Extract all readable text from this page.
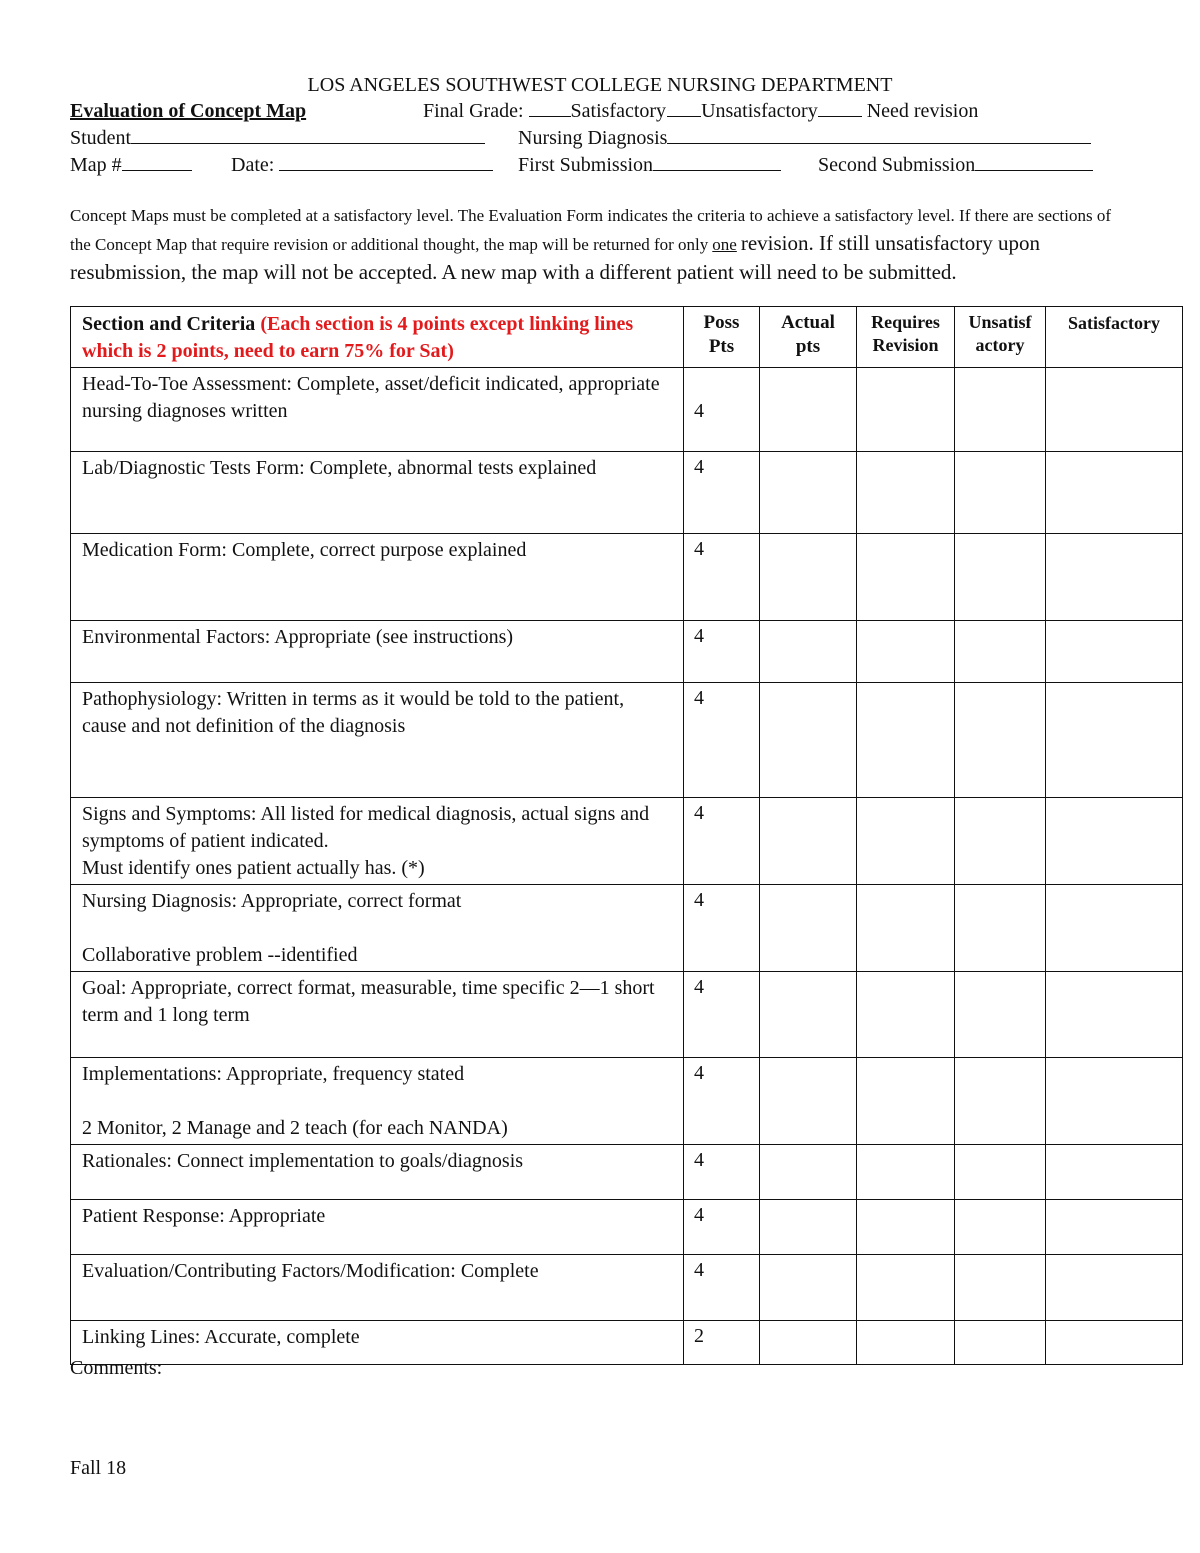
LOS ANGELES SOUTHWEST COLLEGE NURSING DEPARTMENT
Evaluation of Concept Map	Final Grade: Satisfactory Unsatisfactory Need revision
Student	Nursing Diagnosis
Map #	Date:	First Submission	Second Submission
Concept Maps must be completed at a satisfactory level. The Evaluation Form indicates the criteria to achieve a satisfactory level. If there are sections of the Concept Map that require revision or additional thought, the map will be returned for only one revision. If still unsatisfactory upon resubmission, the map will not be accepted. A new map with a different patient will need to be submitted.
Section and Criteria (Each section is 4 points except linking lines which is 2 points, need to earn 75% for Sat)	Poss Pts	Actual pts	Requires Revision	Unsatisf actory	Satisfactory
Head-To-Toe Assessment: Complete, asset/deficit indicated, appropriate nursing diagnoses written	4				
Lab/Diagnostic Tests Form: Complete, abnormal tests explained	4				
Medication Form: Complete, correct purpose explained	4				
Environmental Factors: Appropriate (see instructions)	4				
Pathophysiology: Written in terms as it would be told to the patient, cause and not definition of the diagnosis	4				
Signs and Symptoms: All listed for medical diagnosis, actual signs and symptoms of patient indicated.
Must identify ones patient actually has. (*)	4				
Nursing Diagnosis: Appropriate, correct format
Collaborative problem --identified	4				
Goal: Appropriate, correct format, measurable, time specific 2—1 short term and 1 long term	4				
Implementations: Appropriate, frequency stated
2 Monitor, 2 Manage and 2 teach (for each NANDA)	4				
Rationales: Connect implementation to goals/diagnosis	4				
Patient Response: Appropriate	4				
Evaluation/Contributing Factors/Modification: Complete	4				
Linking Lines: Accurate, complete	2				
Comments:
Fall 18
